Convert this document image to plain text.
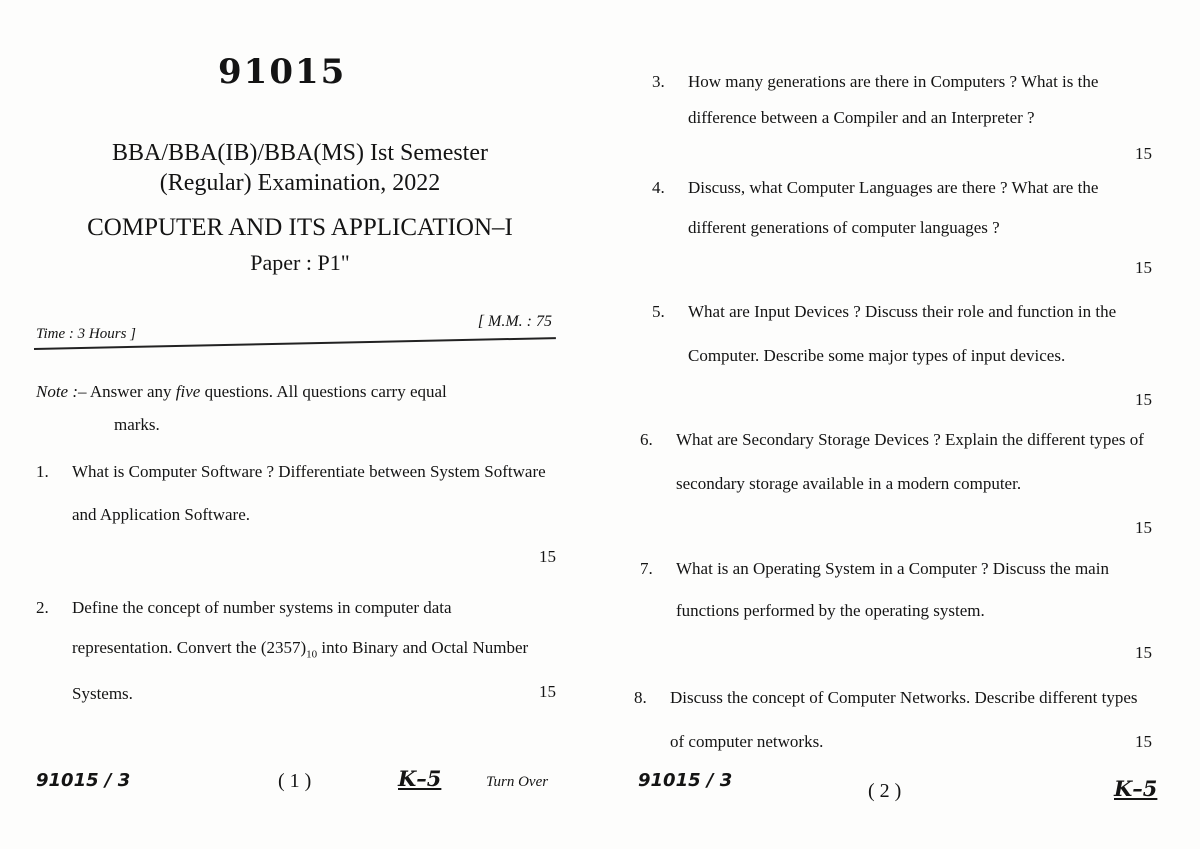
91015
BBA/BBA(IB)/BBA(MS) Ist Semester
(Regular) Examination, 2022
COMPUTER AND ITS APPLICATION–I
Paper : P1"
Time : 3 Hours ]
[ M.M. : 75
Note :– Answer any five questions. All questions carry equal
marks.
1. What is Computer Software ? Differentiate between System Software and Application Software.
15
2. Define the concept of number systems in computer data representation. Convert the $(2357)_{10}$ into Binary and Octal Number Systems.	15
91015 / 3	( 1 )	K–5	Turn Over
3. How many generations are there in Computers ? What is the difference between a Compiler and an Interpreter ?
15
4. Discuss, what Computer Languages are there ? What are the different generations of computer languages ?
15
5. What are Input Devices ? Discuss their role and function in the Computer. Describe some major types of input devices.
15
6. What are Secondary Storage Devices ? Explain the different types of secondary storage available in a modern computer.
15
7. What is an Operating System in a Computer ? Discuss the main functions performed by the operating system.
15
8. Discuss the concept of Computer Networks. Describe different types of computer networks.	15
91015 / 3	( 2 )	K–5
